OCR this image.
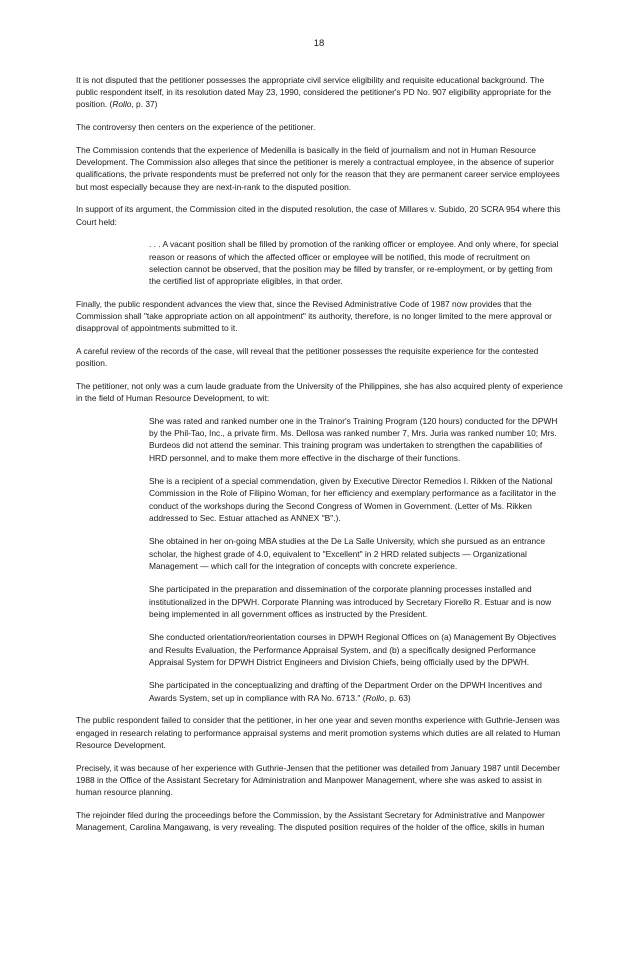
18

It is not disputed that the petitioner possesses the appropriate civil service eligibility and requisite educational background. The public respondent itself, in its resolution dated May 23, 1990, considered the petitioner's PD No. 907 eligibility appropriate for the position. (Rollo, p. 37)

The controversy then centers on the experience of the petitioner.

The Commission contends that the experience of Medenilla is basically in the field of journalism and not in Human Resource Development. The Commission also alleges that since the petitioner is merely a contractual employee, in the absence of superior qualifications, the private respondents must be preferred not only for the reason that they are permanent career service employees but most especially because they are next-in-rank to the disputed position.

In support of its argument, the Commission cited in the disputed resolution, the case of Millares v. Subido, 20 SCRA 954 where this Court held:

. . . A vacant position shall be filled by promotion of the ranking officer or employee. And only where, for special reason or reasons of which the affected officer or employee will be notified, this mode of recruitment on selection cannot be observed, that the position may be filled by transfer, or re-employment, or by getting from the certified list of appropriate eligibles, in that order.

Finally, the public respondent advances the view that, since the Revised Administrative Code of 1987 now provides that the Commission shall "take appropriate action on all appointment" its authority, therefore, is no longer limited to the mere approval or disapproval of appointments submitted to it.

A careful review of the records of the case, will reveal that the petitioner possesses the requisite experience for the contested position.

The petitioner, not only was a cum laude graduate from the University of the Philippines, she has also acquired plenty of experience in the field of Human Resource Development, to wit:

She was rated and ranked number one in the Trainor's Training Program (120 hours) conducted for the DPWH by the Phil-Tao, Inc., a private firm. Ms. Dellosa was ranked number 7, Mrs. Juria was ranked number 10; Mrs. Burdeos did not attend the seminar. This training program was undertaken to strengthen the capabilities of HRD personnel, and to make them more effective in the discharge of their functions.

She is a recipient of a special commendation, given by Executive Director Remedios I. Rikken of the National Commission in the Role of Filipino Woman, for her efficiency and exemplary performance as a facilitator in the conduct of the workshops during the Second Congress of Women in Government. (Letter of Ms. Rikken addressed to Sec. Estuar attached as ANNEX "B".).

She obtained in her on-going MBA studies at the De La Salle University, which she pursued as an entrance scholar, the highest grade of 4.0, equivalent to "Excellent" in 2 HRD related subjects — Organizational Management — which call for the integration of concepts with concrete experience.

She participated in the preparation and dissemination of the corporate planning processes installed and institutionalized in the DPWH. Corporate Planning was introduced by Secretary Fiorello R. Estuar and is now being implemented in all government offices as instructed by the President.

She conducted orientation/reorientation courses in DPWH Regional Offices on (a) Management By Objectives and Results Evaluation, the Performance Appraisal System, and (b) a specifically designed Performance Appraisal System for DPWH District Engineers and Division Chiefs, being officially used by the DPWH.

She participated in the conceptualizing and drafting of the Department Order on the DPWH Incentives and Awards System, set up in compliance with RA No. 6713." (Rollo, p. 63)

The public respondent failed to consider that the petitioner, in her one year and seven months experience with Guthrie-Jensen was engaged in research relating to performance appraisal systems and merit promotion systems which duties are all related to Human Resource Development.

Precisely, it was because of her experience with Guthrie-Jensen that the petitioner was detailed from January 1987 until December 1988 in the Office of the Assistant Secretary for Administration and Manpower Management, where she was asked to assist in human resource planning.

The rejoinder filed during the proceedings before the Commission, by the Assistant Secretary for Administrative and Manpower Management, Carolina Mangawang, is very revealing. The disputed position requires of the holder of the office, skills in human
